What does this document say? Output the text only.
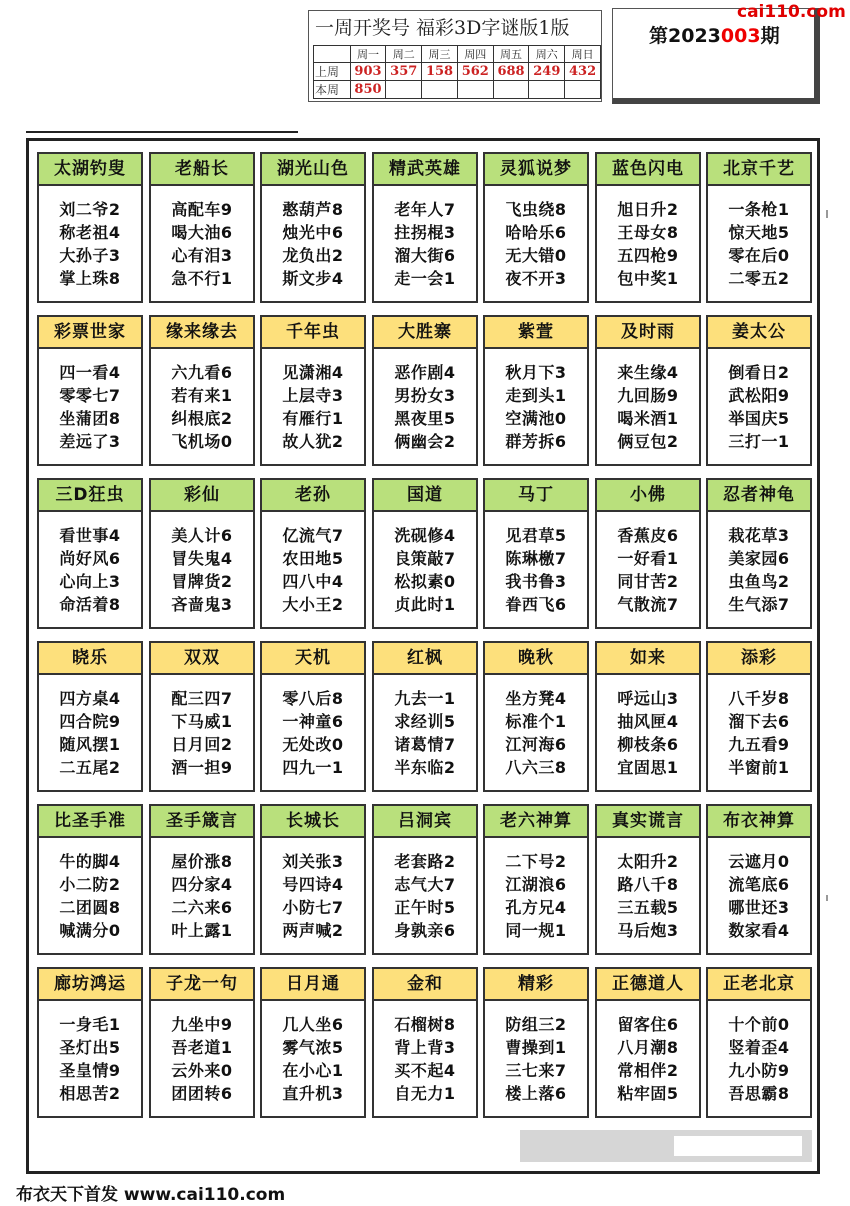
一周开奖号 福彩3D字谜版1版
	周一	周二	周三	周四	周五	周六	周日
上周	903	357	158	562	688	249	432
本周	850						
第2023003期
cai110.com
太湖钓叟
刘二爷2
称老祖4
大孙子3
掌上珠8
老船长
高配车9
喝大油6
心有泪3
急不行1
湖光山色
憨葫芦8
烛光中6
龙负出2
斯文步4
精武英雄
老年人7
拄拐棍3
溜大街6
走一会1
灵狐说梦
飞虫绕8
哈哈乐6
无大错0
夜不开3
蓝色闪电
旭日升2
王母女8
五四枪9
包中奖1
北京千艺
一条枪1
惊天地5
零在后0
二零五2
彩票世家
四一看4
零零七7
坐蒲团8
差远了3
缘来缘去
六九看6
若有来1
纠根底2
飞机场0
千年虫
见潇湘4
上层寺3
有雁行1
故人犹2
大胜寨
恶作剧4
男扮女3
黑夜里5
俩幽会2
紫萱
秋月下3
走到头1
空满池0
群芳拆6
及时雨
来生缘4
九回肠9
喝米酒1
俩豆包2
姜太公
倒看日2
武松阳9
举国庆5
三打一1
三D狂虫
看世事4
尚好风6
心向上3
命活着8
彩仙
美人计6
冒失鬼4
冒牌货2
吝啬鬼3
老孙
亿流气7
农田地5
四八中4
大小王2
国道
洗砚修4
良策敲7
松拟素0
贞此时1
马丁
见君草5
陈琳檄7
我书鲁3
眷西飞6
小佛
香蕉皮6
一好看1
同甘苦2
气散流7
忍者神龟
栽花草3
美家园6
虫鱼鸟2
生气添7
晓乐
四方桌4
四合院9
随风摆1
二五尾2
双双
配三四7
下马威1
日月回2
酒一担9
天机
零八后8
一神童6
无处改0
四九一1
红枫
九去一1
求经训5
诸葛情7
半东临2
晚秋
坐方凳4
标准个1
江河海6
八六三8
如来
呼远山3
抽风匣4
柳枝条6
宜固思1
添彩
八千岁8
溜下去6
九五看9
半窗前1
比圣手准
牛的脚4
小二防2
二团圆8
喊满分0
圣手箴言
屋价涨8
四分家4
二六来6
叶上露1
长城长
刘关张3
号四诗4
小防七7
两声喊2
吕洞宾
老套路2
志气大7
正午时5
身孰亲6
老六神算
二下号2
江湖浪6
孔方兄4
同一规1
真实谎言
太阳升2
路八千8
三五载5
马后炮3
布衣神算
云遮月0
流笔底6
哪世还3
数家看4
廊坊鸿运
一身毛1
圣灯出5
圣皇情9
相思苦2
子龙一句
九坐中9
吾老道1
云外来0
团团转6
日月通
几人坐6
雾气浓5
在小心1
直升机3
金和
石榴树8
背上背3
买不起4
自无力1
精彩
防组三2
曹操到1
三七来7
楼上落6
正德道人
留客住6
八月潮8
常相伴2
粘牢固5
正老北京
十个前0
竖着歪4
九小防9
吾思霸8
布衣天下首发 www.cai110.com
